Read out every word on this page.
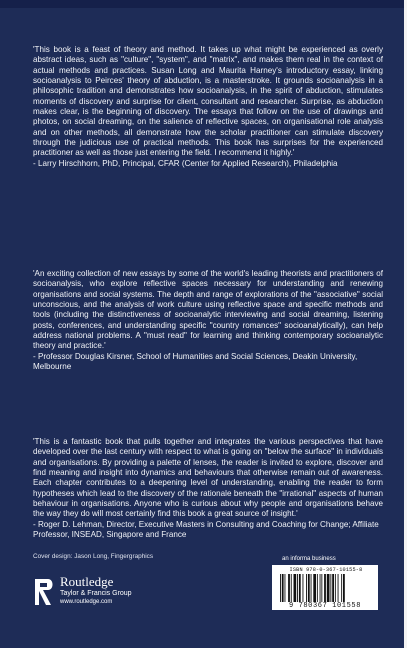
'This book is a feast of theory and method. It takes up what might be experienced as overly abstract ideas, such as "culture", "system", and "matrix", and makes them real in the context of actual methods and practices. Susan Long and Maurita Harney's introductory essay, linking socioanalysis to Peirces' theory of abduction, is a masterstroke. It grounds socioanalysis in a philosophic tradition and demonstrates how socioanalysis, in the spirit of abduction, stimulates moments of discovery and surprise for client, consultant and researcher. Surprise, as abduction makes clear, is the beginning of discovery. The essays that follow on the use of drawings and photos, on social dreaming, on the salience of reflective spaces, on organisational role analysis and on other methods, all demonstrate how the scholar practitioner can stimulate discovery through the judicious use of practical methods. This book has surprises for the experienced practitioner as well as those just entering the field. I recommend it highly.'

- Larry Hirschhorn, PhD, Principal, CFAR (Center for Applied Research), Philadelphia

'An exciting collection of new essays by some of the world's leading theorists and practitioners of socioanalysis, who explore reflective spaces necessary for understanding and renewing organisations and social systems. The depth and range of explorations of the "associative" social unconscious, and the analysis of work culture using reflective space and specific methods and tools (including the distinctiveness of socioanalytic interviewing and social dreaming, listening posts, conferences, and understanding specific "country romances" socioanalytically), can help address national problems. A "must read" for learning and thinking contemporary socioanalytic theory and practice.'

- Professor Douglas Kirsner, School of Humanities and Social Sciences, Deakin University, Melbourne

'This is a fantastic book that pulls together and integrates the various perspectives that have developed over the last century with respect to what is going on "below the surface" in individuals and organisations. By providing a palette of lenses, the reader is invited to explore, discover and find meaning and insight into dynamics and behaviours that otherwise remain out of awareness. Each chapter contributes to a deepening level of understanding, enabling the reader to form hypotheses which lead to the discovery of the rationale beneath the "irrational" aspects of human behaviour in organisations. Anyone who is curious about why people and organisations behave the way they do will most certainly find this book a great source of insight.'

- Roger D. Lehman, Director, Executive Masters in Consulting and Coaching for Change; Affiliate Professor, INSEAD, Singapore and France

Cover design: Jason Long, Fingergraphics
Routledge
Taylor & Francis Group
www.routledge.com
an informa business
ISBN 978-0-367-10155-8
9 780367 101558
